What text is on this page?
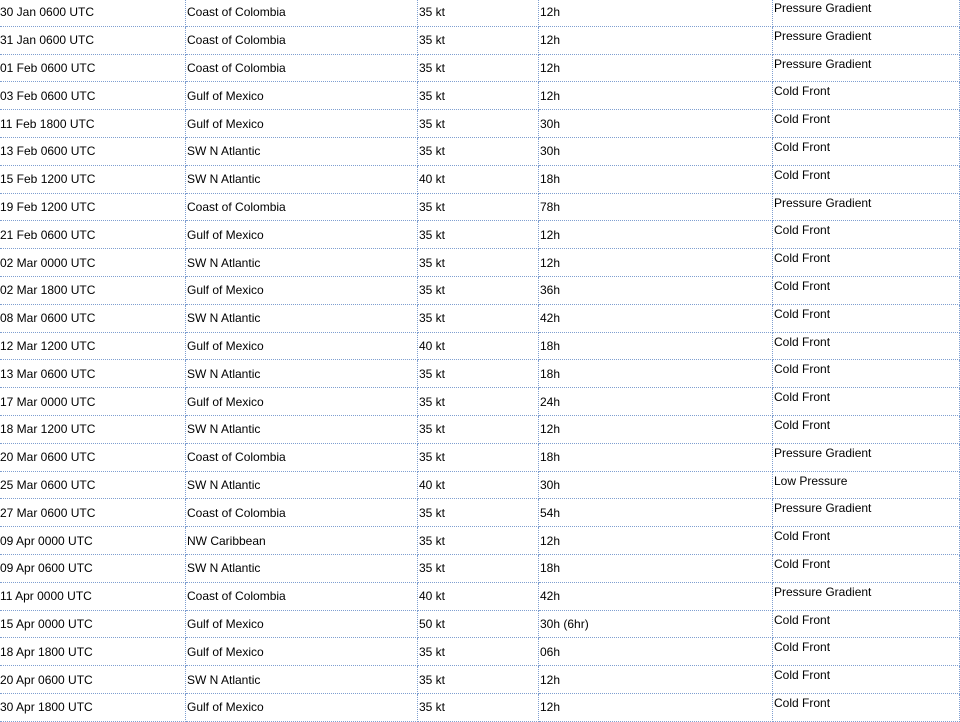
30 Jan 0600 UTC	Coast of Colombia	35 kt	12h	Pressure Gradient
31 Jan 0600 UTC	Coast of Colombia	35 kt	12h	Pressure Gradient
01 Feb 0600 UTC	Coast of Colombia	35 kt	12h	Pressure Gradient
03 Feb 0600 UTC	Gulf of Mexico	35 kt	12h	Cold Front
11 Feb 1800 UTC	Gulf of Mexico	35 kt	30h	Cold Front
13 Feb 0600 UTC	SW N Atlantic	35 kt	30h	Cold Front
15 Feb 1200 UTC	SW N Atlantic	40 kt	18h	Cold Front
19 Feb 1200 UTC	Coast of Colombia	35 kt	78h	Pressure Gradient
21 Feb 0600 UTC	Gulf of Mexico	35 kt	12h	Cold Front
02 Mar 0000 UTC	SW N Atlantic	35 kt	12h	Cold Front
02 Mar 1800 UTC	Gulf of Mexico	35 kt	36h	Cold Front
08 Mar 0600 UTC	SW N Atlantic	35 kt	42h	Cold Front
12 Mar 1200 UTC	Gulf of Mexico	40 kt	18h	Cold Front
13 Mar 0600 UTC	SW N Atlantic	35 kt	18h	Cold Front
17 Mar 0000 UTC	Gulf of Mexico	35 kt	24h	Cold Front
18 Mar 1200 UTC	SW N Atlantic	35 kt	12h	Cold Front
20 Mar 0600 UTC	Coast of Colombia	35 kt	18h	Pressure Gradient
25 Mar 0600 UTC	SW N Atlantic	40 kt	30h	Low Pressure
27 Mar 0600 UTC	Coast of Colombia	35 kt	54h	Pressure Gradient
09 Apr 0000 UTC	NW Caribbean	35 kt	12h	Cold Front
09 Apr 0600 UTC	SW N Atlantic	35 kt	18h	Cold Front
11 Apr 0000 UTC	Coast of Colombia	40 kt	42h	Pressure Gradient
15 Apr 0000 UTC	Gulf of Mexico	50 kt	30h (6hr)	Cold Front
18 Apr 1800 UTC	Gulf of Mexico	35 kt	06h	Cold Front
20 Apr 0600 UTC	SW N Atlantic	35 kt	12h	Cold Front
30 Apr 1800 UTC	Gulf of Mexico	35 kt	12h	Cold Front
